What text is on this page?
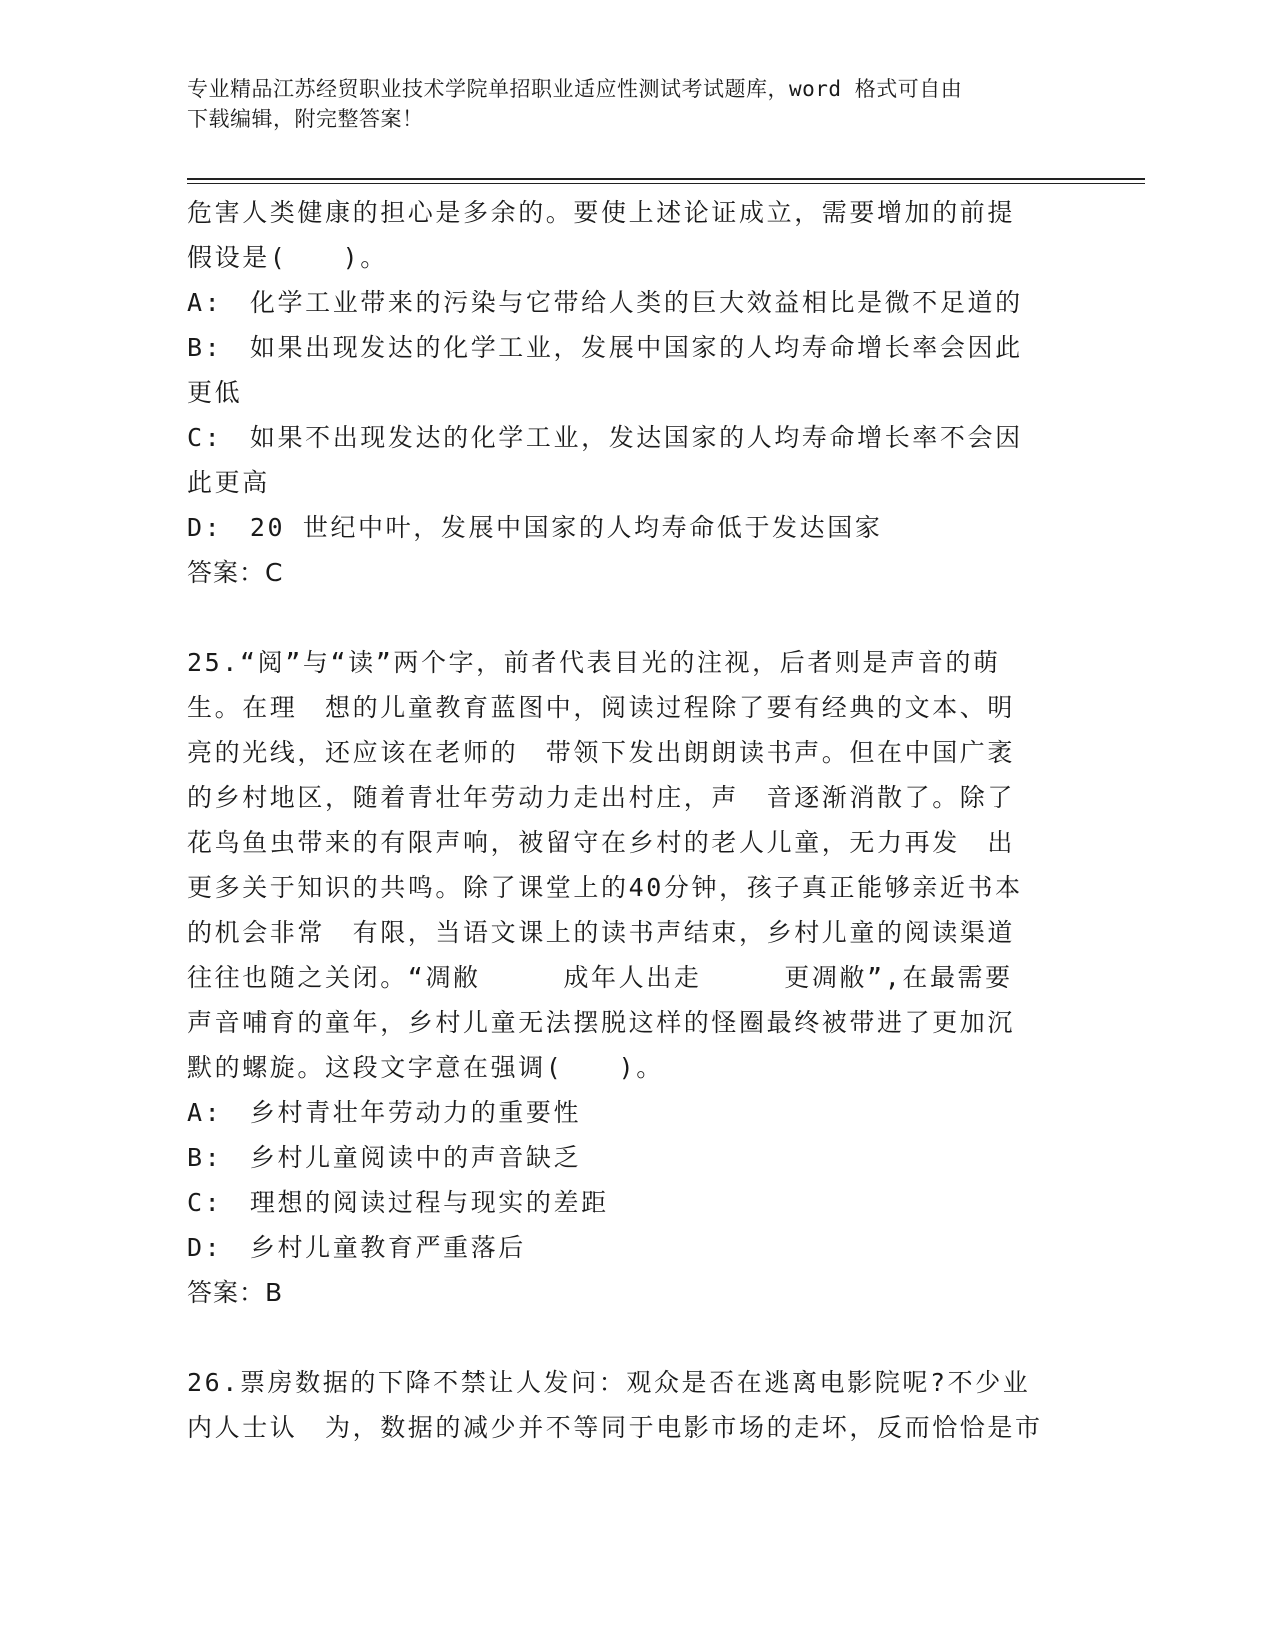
专业精品江苏经贸职业技术学院单招职业适应性测试考试题库，word 格式可自由
下载编辑，附完整答案！
危害人类健康的担心是多余的。要使上述论证成立，需要增加的前提
假设是(　　)。
A:　化学工业带来的污染与它带给人类的巨大效益相比是微不足道的
B:　如果出现发达的化学工业，发展中国家的人均寿命增长率会因此
更低
C:　如果不出现发达的化学工业，发达国家的人均寿命增长率不会因
此更高
D:　20 世纪中叶，发展中国家的人均寿命低于发达国家
答案：C
25.“阅”与“读”两个字，前者代表目光的注视，后者则是声音的萌
生。在理　想的儿童教育蓝图中，阅读过程除了要有经典的文本、明
亮的光线，还应该在老师的　带领下发出朗朗读书声。但在中国广袤
的乡村地区，随着青壮年劳动力走出村庄，声　音逐渐消散了。除了
花鸟鱼虫带来的有限声响，被留守在乡村的老人儿童，无力再发　出
更多关于知识的共鸣。除了课堂上的40分钟，孩子真正能够亲近书本
的机会非常　有限，当语文课上的读书声结束，乡村儿童的阅读渠道
往往也随之关闭。“凋敝　　　成年人出走　　　更凋敝”,在最需要
声音哺育的童年，乡村儿童无法摆脱这样的怪圈最终被带进了更加沉
默的螺旋。这段文字意在强调(　　)。
A:　乡村青壮年劳动力的重要性
B:　乡村儿童阅读中的声音缺乏
C:　理想的阅读过程与现实的差距
D:　乡村儿童教育严重落后
答案：B
26.票房数据的下降不禁让人发问：观众是否在逃离电影院呢?不少业
内人士认　为，数据的减少并不等同于电影市场的走坏，反而恰恰是市
